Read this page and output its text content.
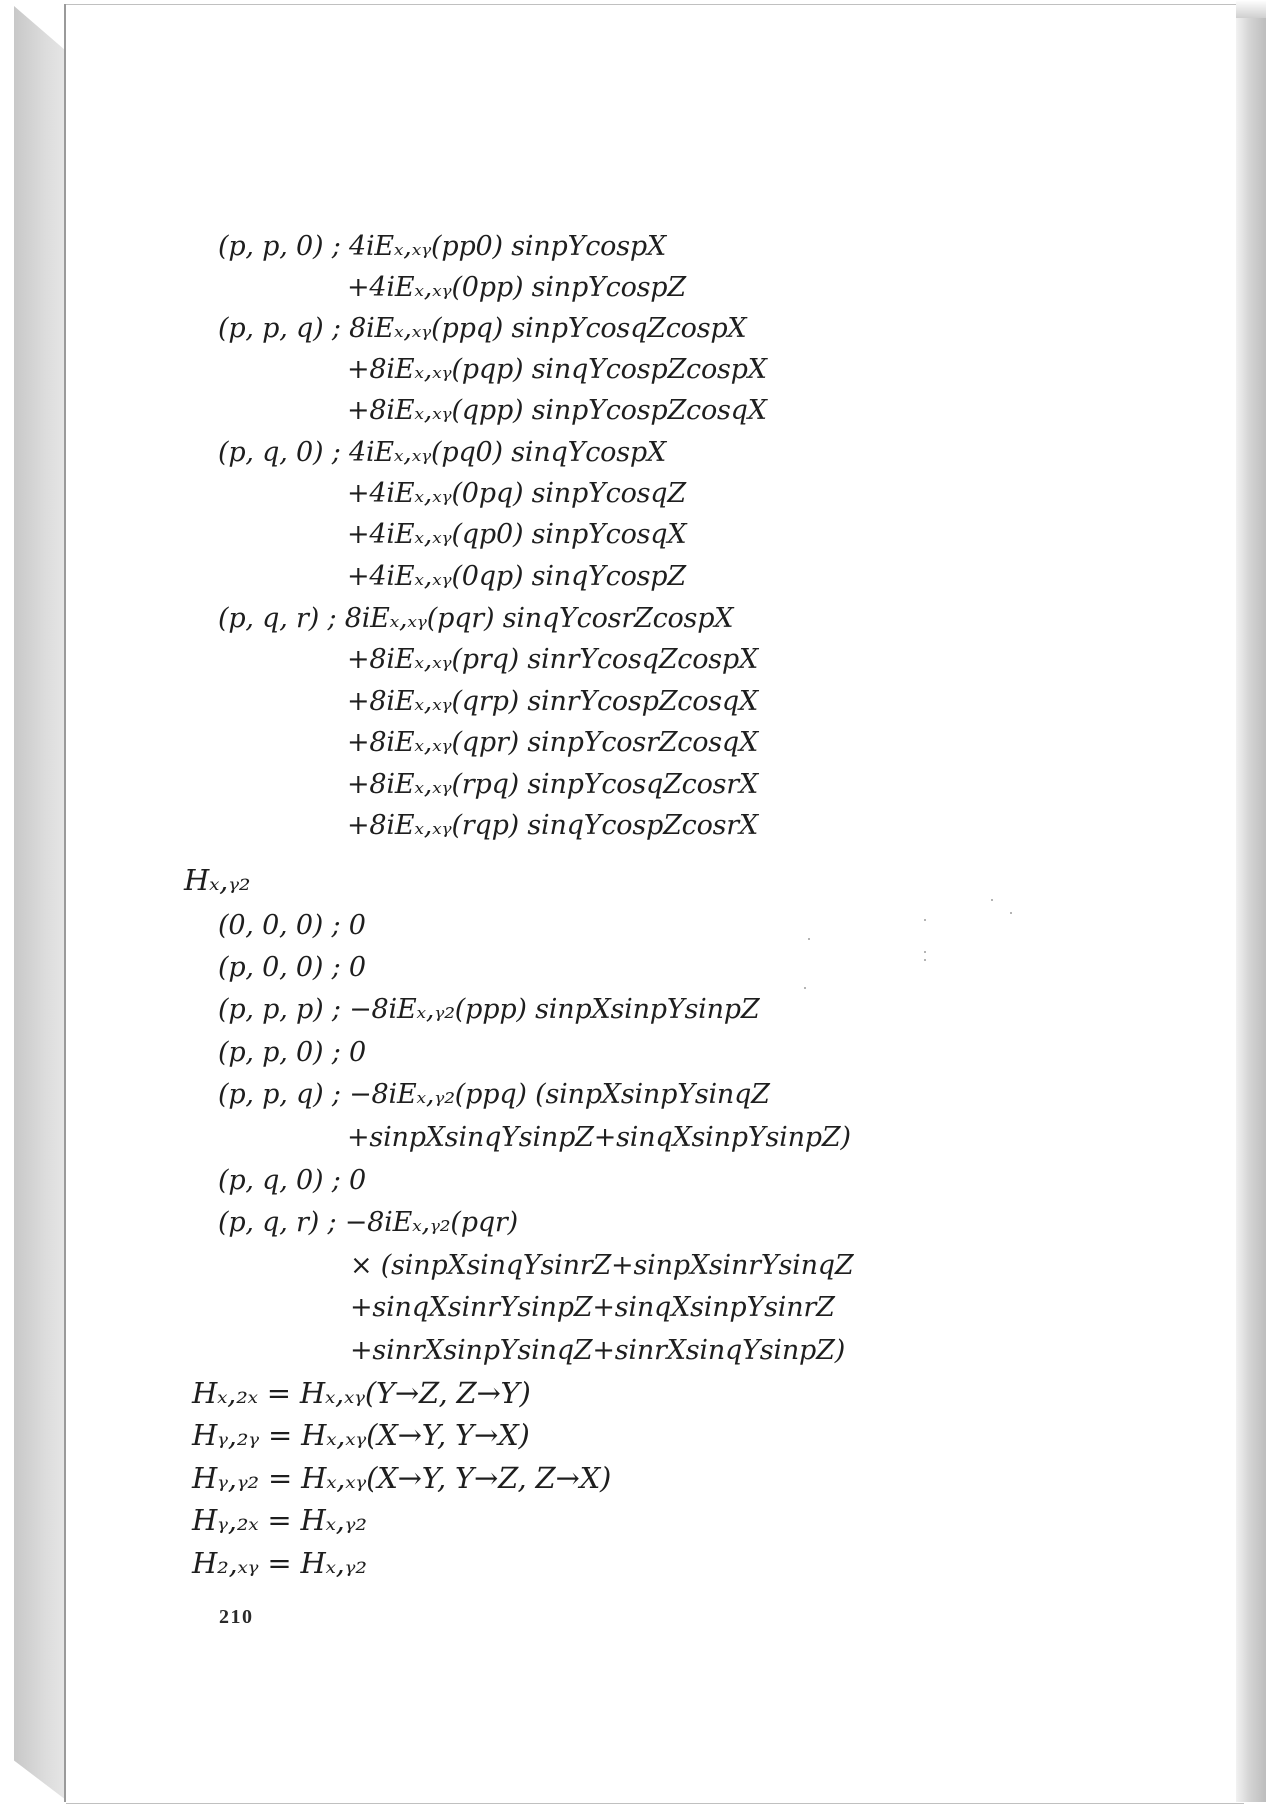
(p, p, 0) ; 4iEₓ,ₓᵧ(pp0) sinpYcospX
+4iEₓ,ₓᵧ(0pp) sinpYcospZ
(p, p, q) ; 8iEₓ,ₓᵧ(ppq) sinpYcosqZcospX
+8iEₓ,ₓᵧ(pqp) sinqYcospZcospX
+8iEₓ,ₓᵧ(qpp) sinpYcospZcosqX
(p, q, 0) ; 4iEₓ,ₓᵧ(pq0) sinqYcospX
+4iEₓ,ₓᵧ(0pq) sinpYcosqZ
+4iEₓ,ₓᵧ(qp0) sinpYcosqX
+4iEₓ,ₓᵧ(0qp) sinqYcospZ
(p, q, r) ; 8iEₓ,ₓᵧ(pqr) sinqYcosrZcospX
+8iEₓ,ₓᵧ(prq) sinrYcosqZcospX
+8iEₓ,ₓᵧ(qrp) sinrYcospZcosqX
+8iEₓ,ₓᵧ(qpr) sinpYcosrZcosqX
+8iEₓ,ₓᵧ(rpq) sinpYcosqZcosrX
+8iEₓ,ₓᵧ(rqp) sinqYcospZcosrX
Hₓ,ᵧ₂
(0, 0, 0) ; 0
(p, 0, 0) ; 0
(p, p, p) ; −8iEₓ,ᵧ₂(ppp) sinpXsinpYsinpZ
(p, p, 0) ; 0
(p, p, q) ; −8iEₓ,ᵧ₂(ppq) (sinpXsinpYsinqZ
+sinpXsinqYsinpZ+sinqXsinpYsinpZ)
(p, q, 0) ; 0
(p, q, r) ; −8iEₓ,ᵧ₂(pqr)
× (sinpXsinqYsinrZ+sinpXsinrYsinqZ
+sinqXsinrYsinpZ+sinqXsinpYsinrZ
+sinrXsinpYsinqZ+sinrXsinqYsinpZ)
Hₓ,₂ₓ = Hₓ,ₓᵧ(Y→Z, Z→Y)
Hᵧ,₂ᵧ = Hₓ,ₓᵧ(X→Y, Y→X)
Hᵧ,ᵧ₂ = Hₓ,ₓᵧ(X→Y, Y→Z, Z→X)
Hᵧ,₂ₓ = Hₓ,ᵧ₂
H₂,ₓᵧ = Hₓ,ᵧ₂
210
